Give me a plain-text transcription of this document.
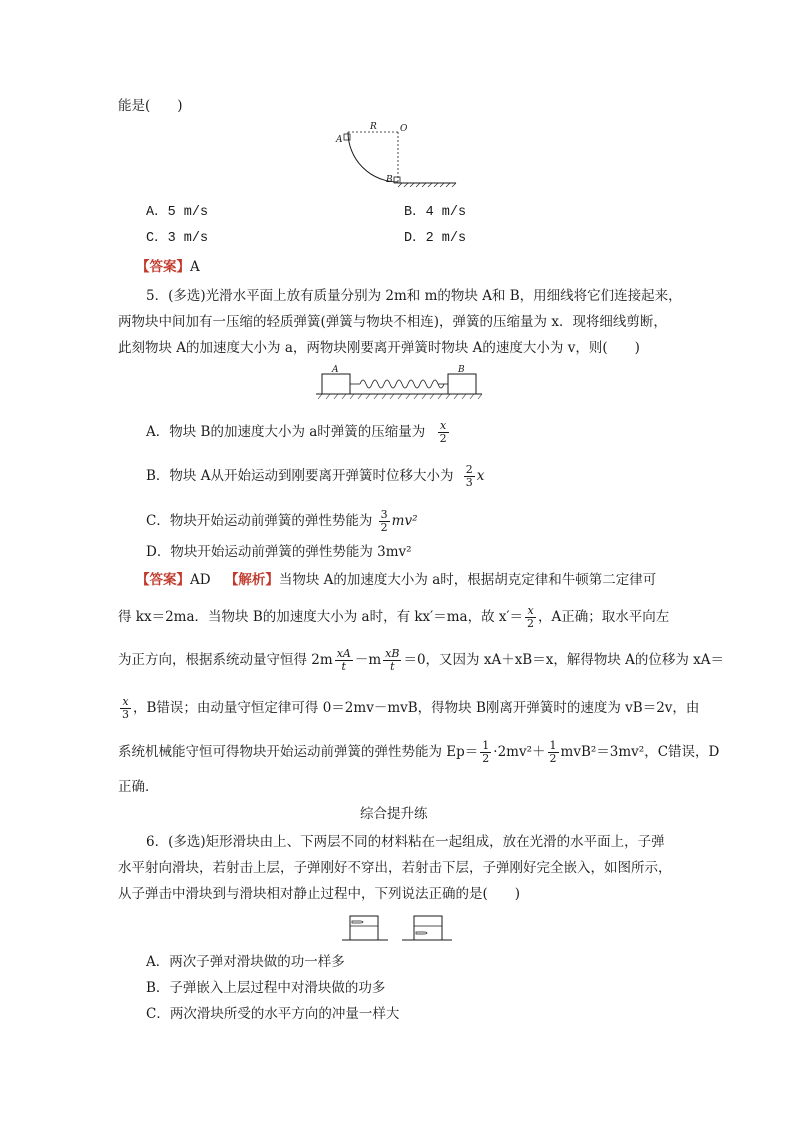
能是(　　)
A
R	O
B
A．5 m/s	B．4 m/s
C．3 m/s	D．2 m/s
【答案】A
5．(多选)光滑水平面上放有质量分别为 2m和 m的物块 A和 B，用细线将它们连接起来，
两物块中间加有一压缩的轻质弹簧(弹簧与物块不相连)，弹簧的压缩量为 x．现将细线剪断，
此刻物块 A的加速度大小为 a，两物块刚要离开弹簧时物块 A的速度大小为 v，则(　　)
A	B
A．物块 B的加速度大小为 a时弹簧的压缩量为 $\frac{x}{2}$
B．物块 A从开始运动到刚要离开弹簧时位移大小为 $\frac{2}{3}$ x
C．物块开始运动前弹簧的弹性势能为 $\frac{3}{2} mv^2$
D．物块开始运动前弹簧的弹性势能为 3mv²
【答案】AD 【解析】当物块 A的加速度大小为 a时，根据胡克定律和牛顿第二定律可
得 kx＝2ma．当物块 B的加速度大小为 a时，有 kx′＝ma，故 $x'= \frac{x}{2}$ ，A正确；取水平向左
为正方向，根据系统动量守恒得 $2m \frac{xA}{t} -m \frac{xB}{t} =0$，又因为 xA＋xB＝x，解得物块 A的位移为 xA＝
$\frac{x}{3}$ ，B错误；由动量守恒定律可得 0＝2mv－mvB，得物块 B刚离开弹簧时的速度为 vB＝2v，由
系统机械能守恒可得物块开始运动前弹簧的弹性势能为 $Ep= \frac{1}{2} \cdot 2mv^2+ \frac{1}{2} mvB^2=3mv^2$，C错误，D
正确．
综合提升练
6．(多选)矩形滑块由上、下两层不同的材料粘在一起组成，放在光滑的水平面上，子弹
水平射向滑块，若射击上层，子弹刚好不穿出，若射击下层，子弹刚好完全嵌入，如图所示，
从子弹击中滑块到与滑块相对静止过程中，下列说法正确的是(　　)
A．两次子弹对滑块做的功一样多
B．子弹嵌入上层过程中对滑块做的功多
C．两次滑块所受的水平方向的冲量一样大
